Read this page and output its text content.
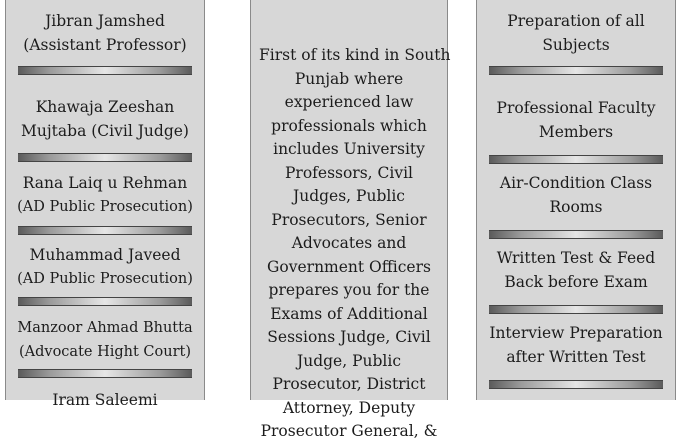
Jibran Jamshed
(Assistant Professor)
Khawaja Zeeshan
Mujtaba (Civil Judge)
Rana Laiq u Rehman
(AD Public Prosecution)
Muhammad Javeed
(AD Public Prosecution)
Manzoor Ahmad Bhutta
(Advocate Hight Court)
Iram Saleemi
First of its kind in South
Punjab where
experienced law
professionals which
includes University
Professors, Civil
Judges, Public
Prosecutors, Senior
Advocates and
Government Officers
prepares you for the
Exams of Additional
Sessions Judge, Civil
Judge, Public
Prosecutor, District
Attorney, Deputy
Prosecutor General, &
Preparation of all
Subjects
Professional Faculty
Members
Air-Condition Class
Rooms
Written Test & Feed
Back before Exam
Interview Preparation
after Written Test
